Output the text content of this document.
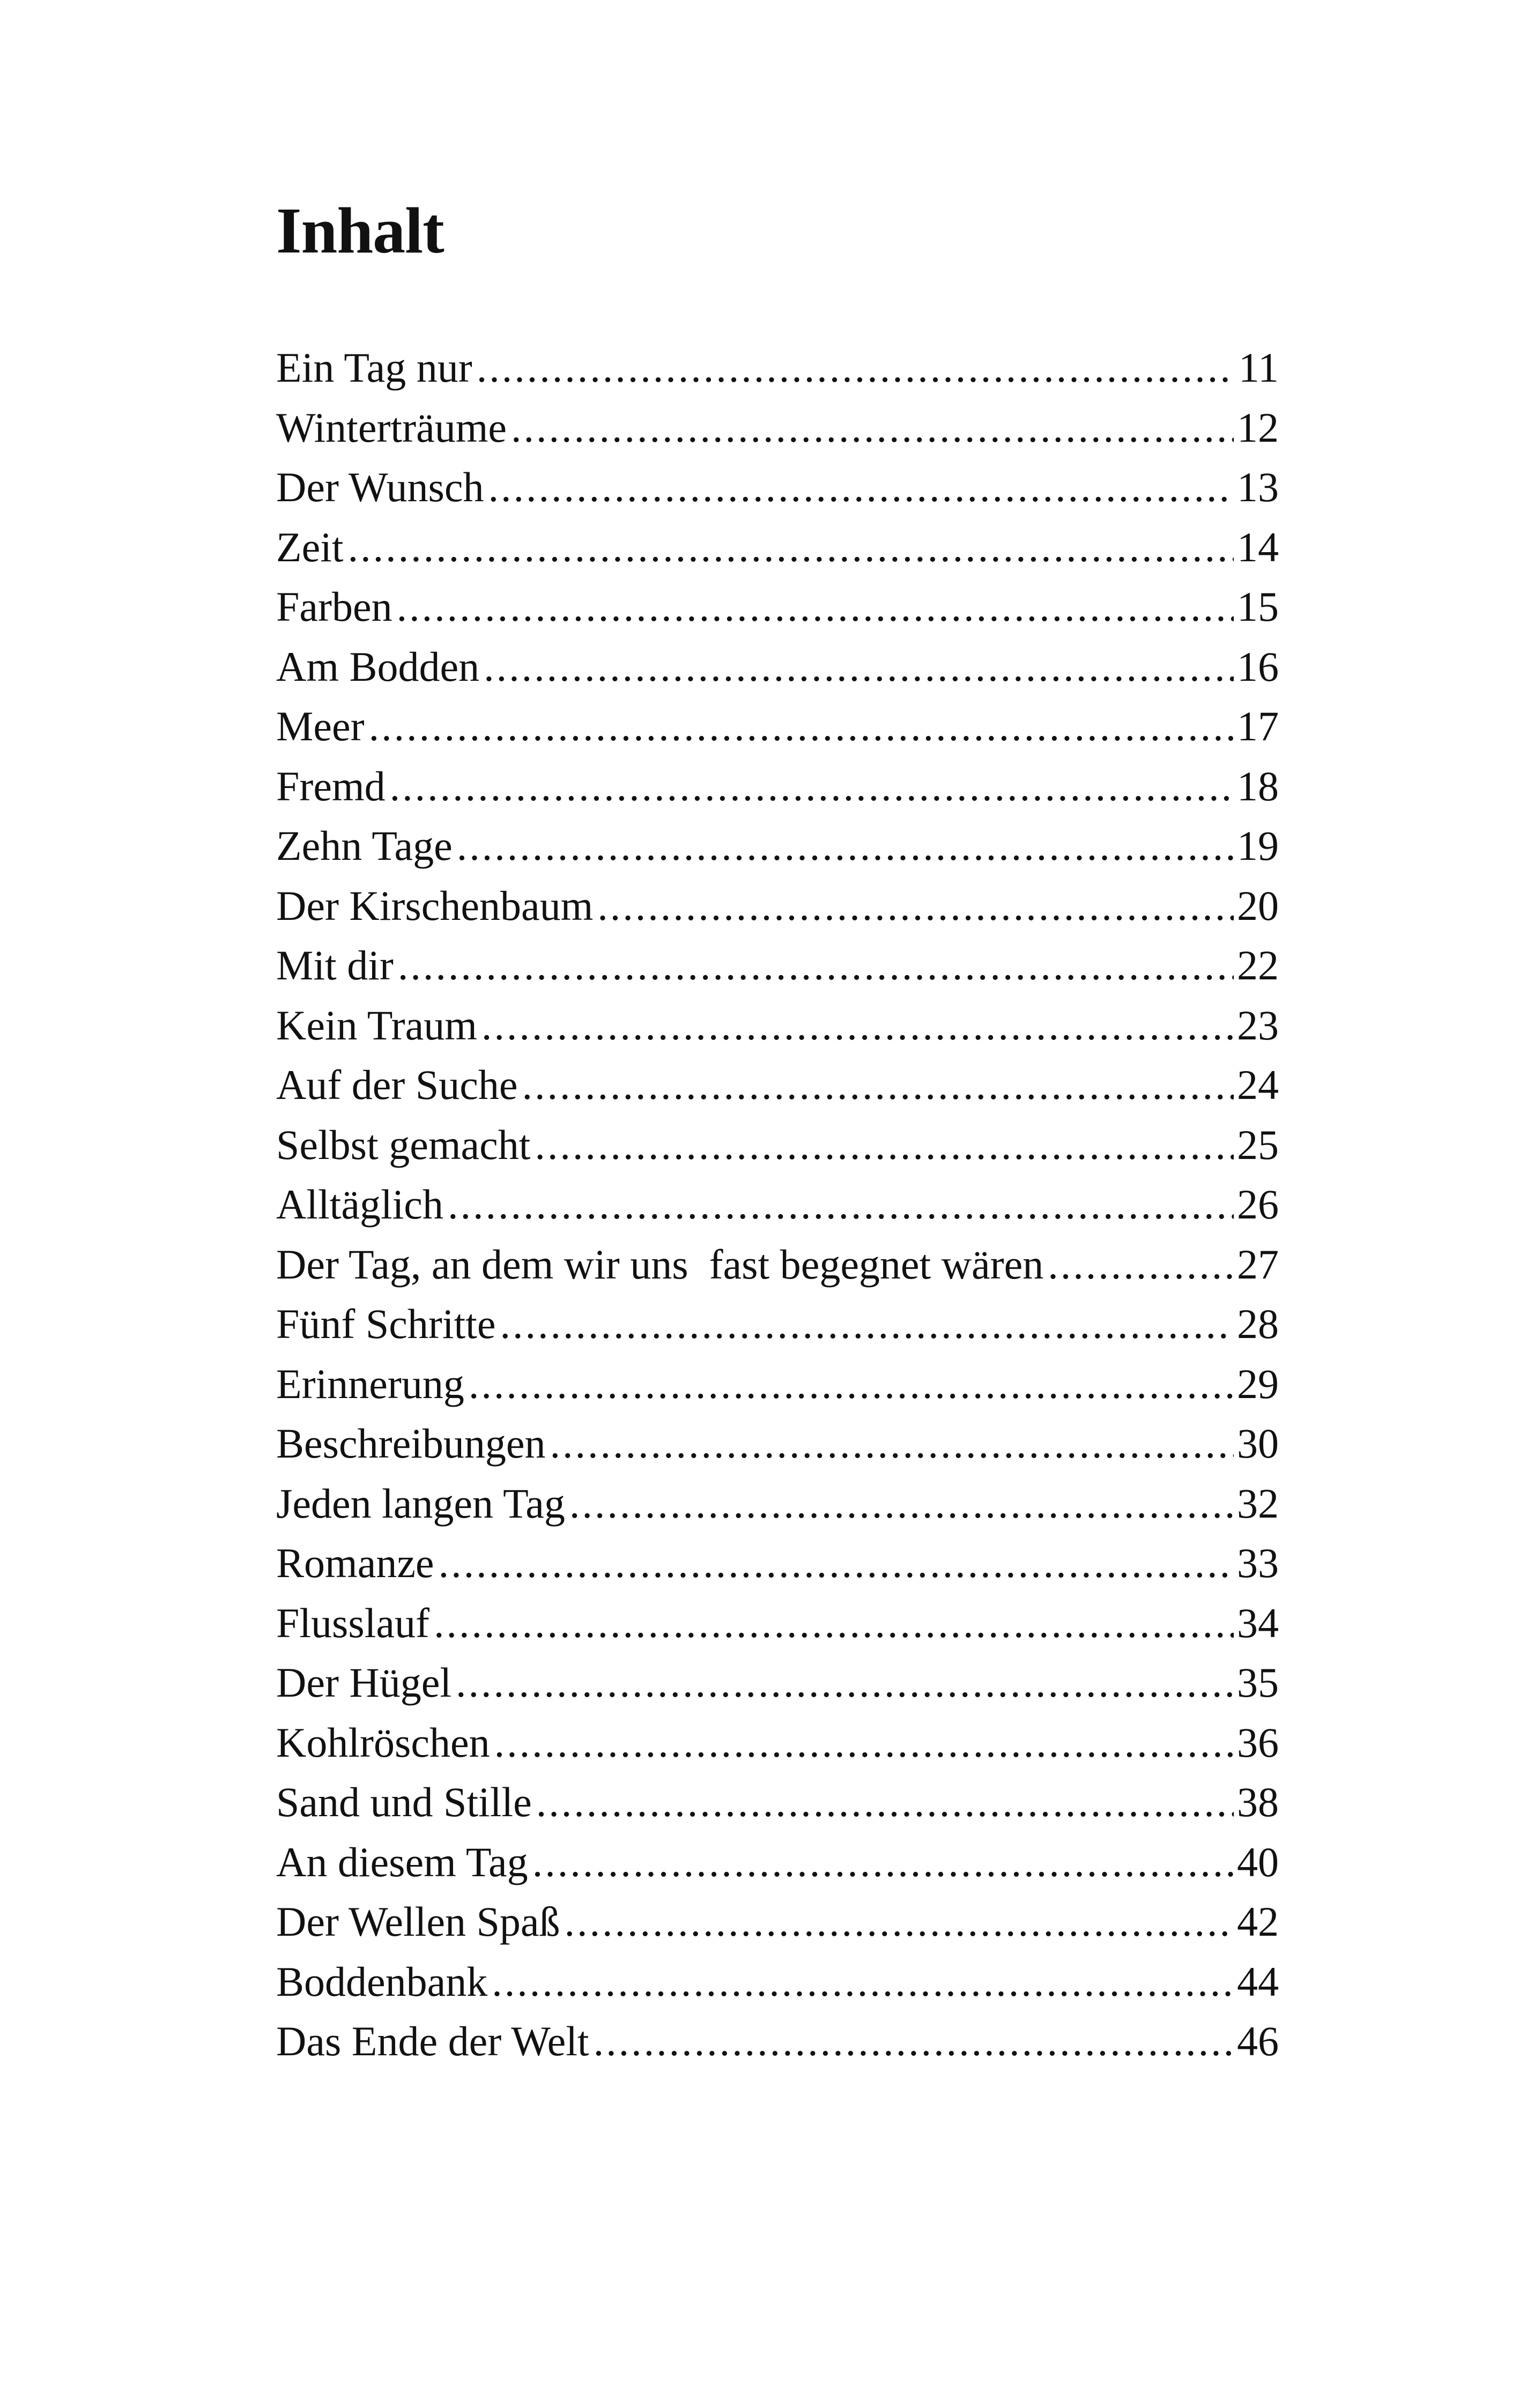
Inhalt
Ein Tag nur .....	11
Winterträume .....	12
Der Wunsch .....	13
Zeit .....	14
Farben .....	15
Am Bodden .....	16
Meer .....	17
Fremd .....	18
Zehn Tage .....	19
Der Kirschenbaum .....	20
Mit dir .....	22
Kein Traum .....	23
Auf der Suche .....	24
Selbst gemacht .....	25
Alltäglich .....	26
Der Tag, an dem wir uns  fast begegnet wären .....	27
Fünf Schritte .....	28
Erinnerung .....	29
Beschreibungen .....	30
Jeden langen Tag .....	32
Romanze .....	33
Flusslauf .....	34
Der Hügel .....	35
Kohlröschen .....	36
Sand und Stille .....	38
An diesem Tag .....	40
Der Wellen Spaß .....	42
Boddenbank .....	44
Das Ende der Welt .....	46
